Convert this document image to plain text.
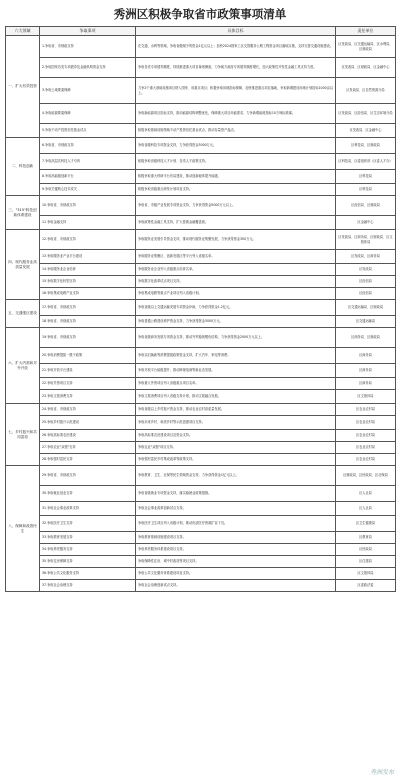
秀洲区积极争取省市政策事项清单
六大领域	争取事项	具体目标	责任单位
一、扩大有效投资	1.争取省、市财政支持	在交通、水利等领域，争取省级赋予的资金1亿元以上；加快2024国家工区交管服务公路工程资金项目落地实施，支持完善交通设施建设。	区发改局、区交通运输局、区水利局、区财政局
	2.争取国家各类专项债券及金融机构资金支持	争取各类专项债券额度，持续推进重大项目谋划储备，力争地方政府专项债券额度增长，加大政策性开发性金融工具支持力度。	区发改局、区财政局、区金融中心
	3.争取土地要素保障	力争2个重大基础设施项目纳入国家、省重点项目；积极争取用地指标保障，加快推进重点项目落地，争取新增建设用地计划指标1000亩以上。	区发改局、区自然资源分局
	4.争取能源要素保障	争取新能源项目指标支持，推动能源结构调整优化，保障重大项目用能需求，力争新增能耗指标10万吨标准煤。	区发改局、区经信局、区生态环境分局
	5.争取不动产投资信托基金试点	积极争取基础设施领域不动产投资信托基金试点，推动存量资产盘活。	区发改局、区金融中心
二、科技创新	6.争取省、市财政支持	争取省级科技专项资金支持，力争获得资金3000万元。	区科技局、区财政局
	7.争取高层次科技人才引育	积极争取省级科技人才计划、各类人才政策支持。	区科技局、区委组织部（区委人才办）
	8.争取高能级创新平台	积极争取重大科研平台布局建设，推动创新载体提升能级。	区科技局
	9.争取关键核心技术攻关	积极争取省级重点研发计划项目支持。	区科技局
三、"315"科技创新体系建设	10.争取省、市财政支持	争取省、市级产业发展专项资金支持，力争获得资金5000万元以上。	区经信局、区财政局
	11.争取金融支持	争取政策性金融工具支持，扩大普惠金融覆盖面。	区金融中心
四、现代服务业高质量发展	12.争取省、市财政支持	争取服务业发展引导资金支持，推动现代服务业集聚发展，力争获得资金300万元。	区发改局、区商务局、区财政局、区文旅体局
	13.争取服务业产业平台建设	争取服务业集聚区、创新发展区等平台列入省级名单。	区发改局、区商务局
	14.争取服务业企业培育	争取服务业企业列入省级重点培育名单。	区发改局
	15.争取数字化转型支持	争取数字化改革试点项目支持。	区经信局
	16.争取集成电路产业支持	争取集成电路等重点产业项目列入省级计划。	区经信局
五、交通强区建设	17.争取省、市财政支持	争取省级以上交通运输发展专项资金补助，力争获得资金1.2亿元。	区交通运输局、区财政局
	18.争取省、市财政支持	争取普通公路建设养护资金支持，力争获得资金3000万元。	区交通运输局
六、扩大内需和对外开放	19.争取省、市财政支持	争取省级商务发展专项资金支持，推动外贸稳规模优结构，力争获得资金2000万元以上。	区商务局、区财政局
	20.争取消费提振一揽子政策	争取以旧换新等消费提振政策资金支持，扩大汽车、家电等消费。	区商务局
	21.争取开放平台建设	争取开放平台能级提升，推动跨境电商等新业态发展。	区商务局
	22.争取外资项目支持	争取重大外资项目列入省级重点项目名单。	区商务局
	23.争取文旅消费支持	争取文旅消费项目列入省级支持计划，推动文旅融合发展。	区文旅体局
七、乡村振兴和共同富裕	24.争取省、市财政支持	争取省级以上乡村振兴资金支持，推动农业农村高质量发展。	区农业农村局
	25.争取乡村振兴示范建设	争取未来乡村、和美乡村等示范创建项目支持。	区农业农村局
	26.争取高标准农田建设	争取高标准农田建设项目及资金支持。	区农业农村局
	27.争取农业"双强"支持	争取农业"双强"项目支持。	区农业农村局
	28.争取强村富民支持	争取强村富民乡村集成改革等政策支持。	区农业农村局
八、保障和改善民生	29.争取省、市财政支持	争取教育、卫生、社保等民生领域资金支持，力争获得资金1亿元以上。	区财政局、区民政局、区社保局
	30.争取就业创业支持	争取省级就业专项资金支持，落实稳就业政策措施。	区人社局
	31.争取社会事业改革支持	争取社会事业改革创新试点支持。	区人社局
	32.争取医疗卫生支持	争取医疗卫生项目列入省级计划，推动优质医疗资源扩容下沉。	区卫生健康局
	33.争取教育发展支持	争取教育基础设施建设项目支持。	区教育局
	34.争取养老服务支持	争取养老服务体系建设项目支持。	区民政局
	35.争取住房保障支持	争取保障性住房、城中村改造等项目支持。	区住建局
	36.争取公共文化服务支持	争取公共文化服务体系建设项目支持。	区文旅体局
	37.争取社会治理支持	争取社会治理创新试点支持。	区委政法委
秀洲发布
